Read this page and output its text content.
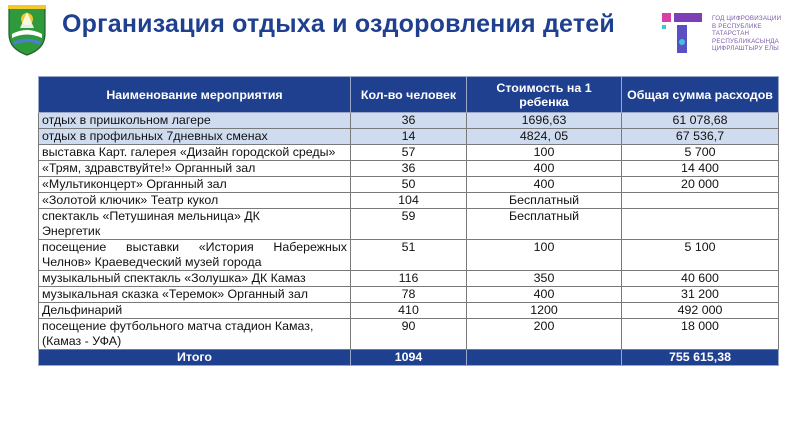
Организация отдыха и оздоровления детей	ГОД ЦИФРОВИЗАЦИИ
В РЕСПУБЛИКЕ
ТАТАРСТАН
РЕСПУБЛИКАСЫНДА
ЦИФРЛАШТЫРУ ЕЛЫ
Наименование мероприятия	Кол-во человек	Стоимость на 1 ребенка	Общая сумма расходов
отдых в пришкольном лагере	36	1696,63	61 078,68
отдых в профильных 7дневных сменах	14	4824, 05	67 536,7
выставка Карт. галерея «Дизайн городской среды»	57	100	5 700
«Трям, здравствуйте!» Органный зал	36	400	14 400
«Мультиконцерт» Органный зал	50	400	20 000
«Золотой ключик» Театр кукол	104	Бесплатный	
спектакль «Петушиная мельница» ДК Энергетик	59	Бесплатный	
посещение выставки «История Набережных Челнов» Краеведческий музей города	51	100	5 100
музыкальный спектакль «Золушка» ДК Камаз	116	350	40 600
музыкальная сказка «Теремок» Органный зал	78	400	31 200
Дельфинарий	410	1200	492 000
посещение футбольного матча стадион Камаз, (Камаз - УФА)	90	200	18 000
Итого	1094		755 615,38
